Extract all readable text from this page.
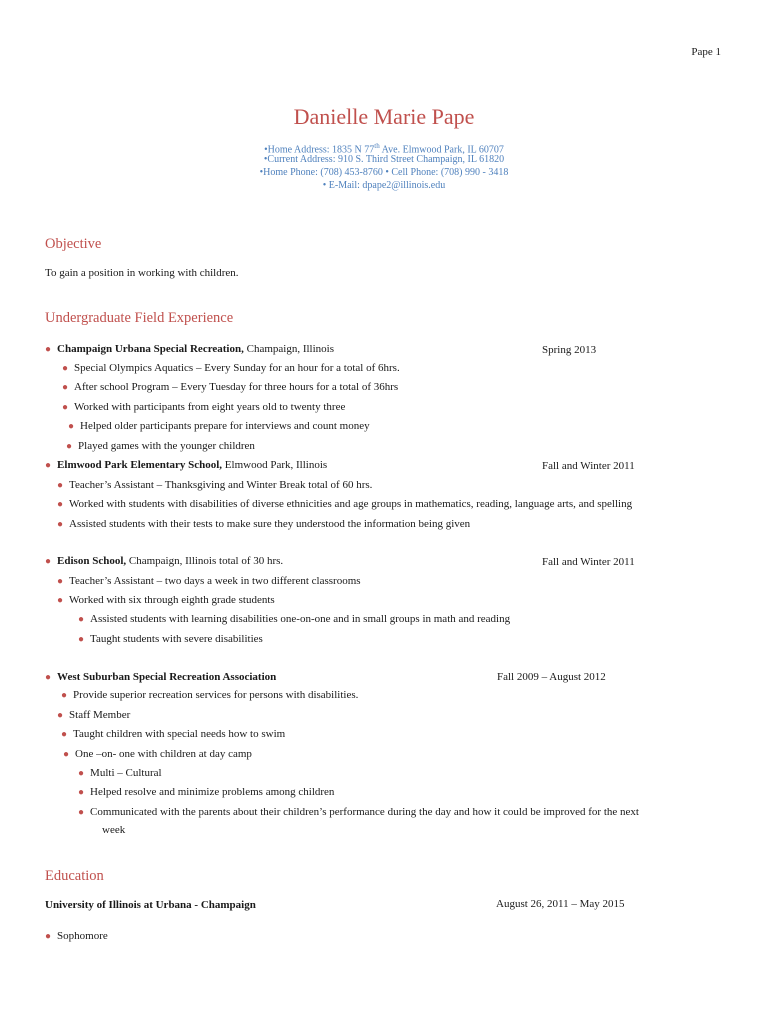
Pape 1
Danielle Marie Pape
•Home Address: 1835 N 77th Ave. Elmwood Park, IL 60707
•Current Address: 910 S. Third Street Champaign, IL 61820
•Home Phone: (708) 453-8760 • Cell Phone: (708) 990 - 3418
• E-Mail: dpape2@illinois.edu
Objective
To gain a position in working with children.
Undergraduate Field Experience
● Champaign Urbana Special Recreation, Champaign, Illinois	Spring 2013
● Special Olympics Aquatics – Every Sunday for an hour for a total of 6hrs.
● After school Program – Every Tuesday for three hours for a total of 36hrs
● Worked with participants from eight years old to twenty three
● Helped older participants prepare for interviews and count money
● Played games with the younger children
● Elmwood Park Elementary School, Elmwood Park, Illinois	Fall and Winter 2011
● Teacher’s Assistant – Thanksgiving and Winter Break total of 60 hrs.
● Worked with students with disabilities of diverse ethnicities and age groups in mathematics, reading, language arts, and spelling
● Assisted students with their tests to make sure they understood the information being given
● Edison School, Champaign, Illinois total of 30 hrs.	Fall and Winter 2011
● Teacher’s Assistant – two days a week in two different classrooms
● Worked with six through eighth grade students
● Assisted students with learning disabilities one-on-one and in small groups in math and reading
● Taught students with severe disabilities
● West Suburban Special Recreation Association	Fall 2009 – August 2012
● Provide superior recreation services for persons with disabilities.
● Staff Member
● Taught children with special needs how to swim
● One –on- one with children at day camp
● Multi – Cultural
● Helped resolve and minimize problems among children
● Communicated with the parents about their children’s performance during the day and how it could be improved for the next
week
Education
University of Illinois at Urbana - Champaign	August 26, 2011 – May 2015
● Sophomore
